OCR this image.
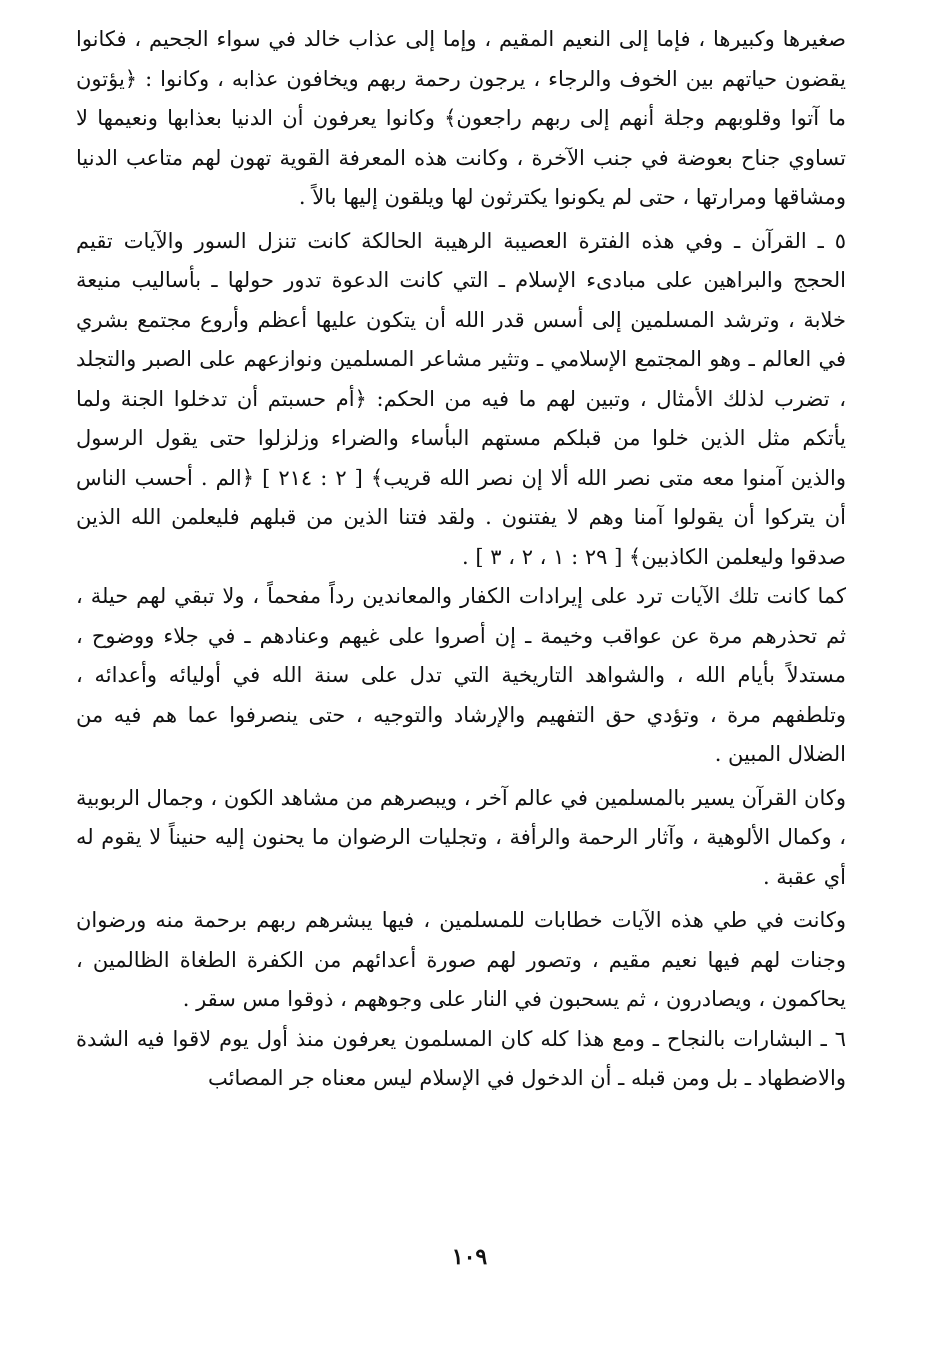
صغيرها وكبيرها ، فإما إلى النعيم المقيم ، وإما إلى عذاب خالد في سواء الجحيم ، فكانوا يقضون حياتهم بين الخوف والرجاء ، يرجون رحمة ربهم ويخافون عذابه ، وكانوا : ﴿يؤتون ما آتوا وقلوبهم وجلة أنهم إلى ربهم راجعون﴾ وكانوا يعرفون أن الدنيا بعذابها ونعيمها لا تساوي جناح بعوضة في جنب الآخرة ، وكانت هذه المعرفة القوية تهون لهم متاعب الدنيا ومشاقها ومرارتها ، حتى لم يكونوا يكترثون لها ويلقون إليها بالاً .

٥ ـ القرآن ـ وفي هذه الفترة العصيبة الرهيبة الحالكة كانت تنزل السور والآيات تقيم الحجج والبراهين على مبادىء الإسلام ـ التي كانت الدعوة تدور حولها ـ بأساليب منيعة خلابة ، وترشد المسلمين إلى أسس قدر الله أن يتكون عليها أعظم وأروع مجتمع بشري في العالم ـ وهو المجتمع الإسلامي ـ وتثير مشاعر المسلمين ونوازعهم على الصبر والتجلد ، تضرب لذلك الأمثال ، وتبين لهم ما فيه من الحكم: ﴿أم حسبتم أن تدخلوا الجنة ولما يأتكم مثل الذين خلوا من قبلكم مستهم البأساء والضراء وزلزلوا حتى يقول الرسول والذين آمنوا معه متى نصر الله ألا إن نصر الله قريب﴾ [ ٢ : ٢١٤ ] ﴿الم . أحسب الناس أن يتركوا أن يقولوا آمنا وهم لا يفتنون . ولقد فتنا الذين من قبلهم فليعلمن الله الذين صدقوا وليعلمن الكاذبين﴾ [ ٢٩ : ١ ، ٢ ، ٣ ] .

كما كانت تلك الآيات ترد على إيرادات الكفار والمعاندين رداً مفحماً ، ولا تبقي لهم حيلة ، ثم تحذرهم مرة عن عواقب وخيمة ـ إن أصروا على غيهم وعنادهم ـ في جلاء ووضوح ، مستدلاً بأيام الله ، والشواهد التاريخية التي تدل على سنة الله في أوليائه وأعدائه ، وتلطفهم مرة ، وتؤدي حق التفهيم والإرشاد والتوجيه ، حتى ينصرفوا عما هم فيه من الضلال المبين .

وكان القرآن يسير بالمسلمين في عالم آخر ، ويبصرهم من مشاهد الكون ، وجمال الربوبية ، وكمال الألوهية ، وآثار الرحمة والرأفة ، وتجليات الرضوان ما يحنون إليه حنيناً لا يقوم له أي عقبة .

وكانت في طي هذه الآيات خطابات للمسلمين ، فيها يبشرهم ربهم برحمة منه ورضوان وجنات لهم فيها نعيم مقيم ، وتصور لهم صورة أعدائهم من الكفرة الطغاة الظالمين ، يحاكمون ، ويصادرون ، ثم يسحبون في النار على وجوههم ، ذوقوا مس سقر .

٦ ـ البشارات بالنجاح ـ ومع هذا كله كان المسلمون يعرفون منذ أول يوم لاقوا فيه الشدة والاضطهاد ـ بل ومن قبله ـ أن الدخول في الإسلام ليس معناه جر المصائب

١٠٩
